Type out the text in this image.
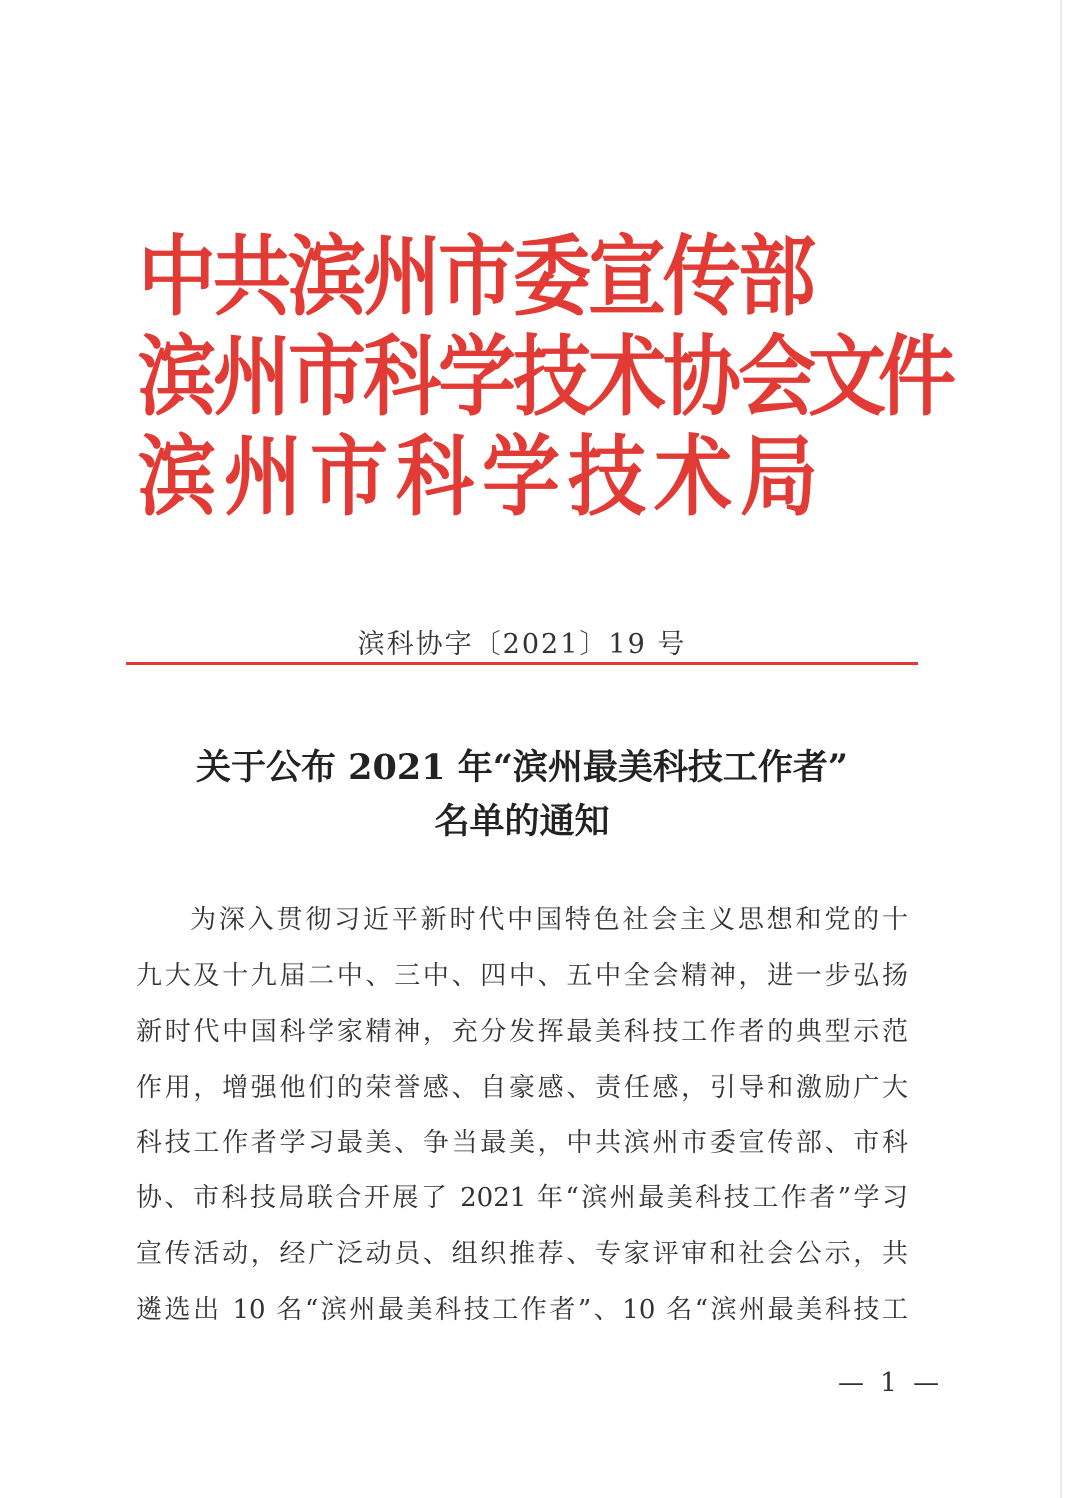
中
共
滨
州
市
委
宣
传
部
滨
州
市
科
学
技
术
协
会
文
件
滨 州 市 科 学 技 术 局
滨科协字〔2021〕19 号
关于公布 2021 年“滨州最美科技工作者”
名单的通知
为深入贯彻习近平新时代中国特色社会主义思想和党的十
九大及十九届二中、三中、四中、五中全会精神，进一步弘扬
新时代中国科学家精神，充分发挥最美科技工作者的典型示范
作用，增强他们的荣誉感、自豪感、责任感，引导和激励广大
科技工作者学习最美、争当最美，中共滨州市委宣传部、市科
协、市科技局联合开展了 2021 年“滨州最美科技工作者”学习
宣传活动，经广泛动员、组织推荐、专家评审和社会公示，共
遴选出 10 名“滨州最美科技工作者”、10 名“滨州最美科技工
— 1 —
